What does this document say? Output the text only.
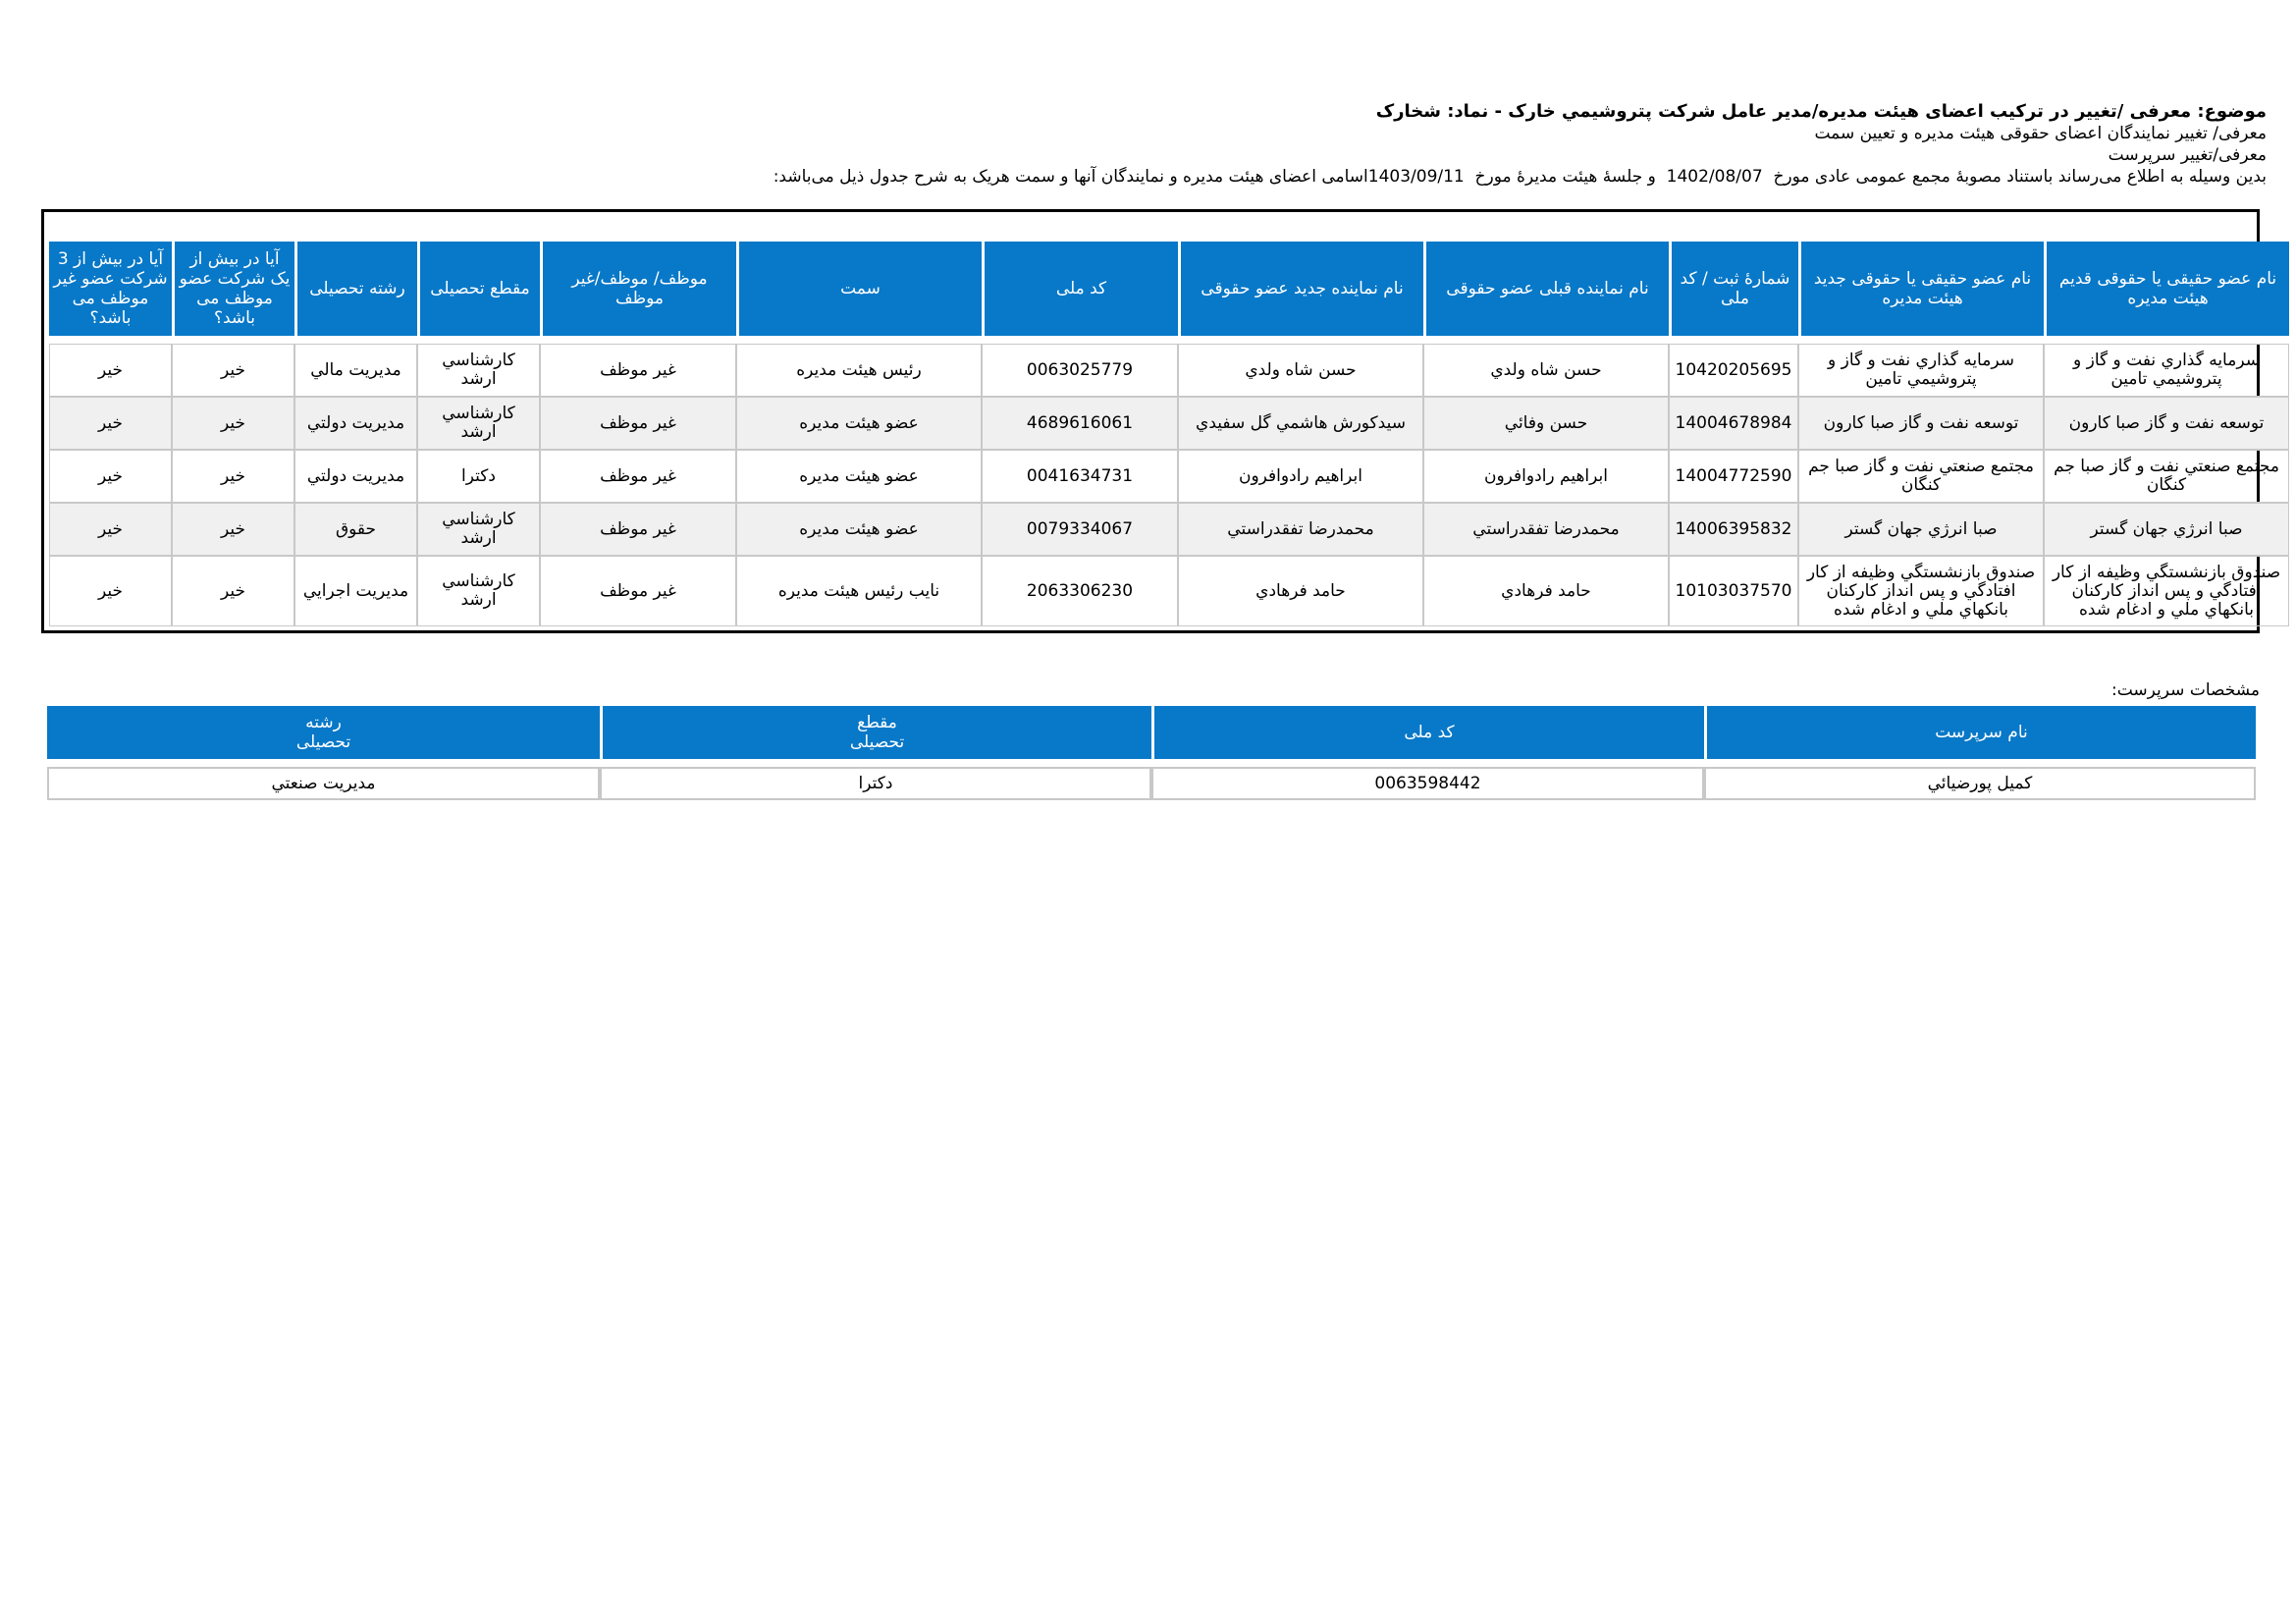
موضوع: معرفی /تغییر در ترکیب اعضای هیئت مدیره/مدیر عامل شرکت پتروشيمي خارک - نماد: شخارک
معرفی/ تغییر نمایندگان اعضای حقوقی هیئت مدیره و تعیین سمت
معرفی/تغییر سرپرست
بدین وسیله به اطلاع می‌رساند باستناد مصوبۀ مجمع عمومی عادی مورخ  1402/08/07  و جلسۀ هیئت مدیرۀ مورخ  1403/09/11اسامی اعضای هیئت مدیره و نمایندگان آنها و سمت هریک به شرح جدول ذیل می‌باشد:
نام عضو حقیقی یا حقوقی قدیم هیئت مدیره	نام عضو حقیقی یا حقوقی جدید هیئت مدیره	شمارۀ ثبت / کد ملی	نام نماینده قبلی عضو حقوقی	نام نماینده جدید عضو حقوقی	کد ملی	سمت	موظف/ موظف/غیر موظف	مقطع تحصیلی	رشته تحصیلی	آیا در بیش از یک شرکت عضو موظف می باشد؟	آیا در بیش از 3 شرکت عضو غیر موظف می باشد؟

سرمايه گذاري نفت و گاز و پتروشيمي تامين	سرمايه گذاري نفت و گاز و پتروشيمي تامين	10420205695	حسن شاه ولدي	حسن شاه ولدي	0063025779	رئيس هيئت مديره	غير موظف	كارشناسي ارشد	مديريت مالي	خير	خير
توسعه نفت و گاز صبا كارون	توسعه نفت و گاز صبا كارون	14004678984	حسن وفائي	سيدكورش هاشمي گل سفيدي	4689616061	عضو هيئت مديره	غير موظف	كارشناسي ارشد	مديريت دولتي	خير	خير
مجتمع صنعتي نفت و گاز صبا جم كنگان	مجتمع صنعتي نفت و گاز صبا جم كنگان	14004772590	ابراهيم رادوافرون	ابراهيم رادوافرون	0041634731	عضو هيئت مديره	غير موظف	دكترا	مديريت دولتي	خير	خير
صبا انرژي جهان گستر	صبا انرژي جهان گستر	14006395832	محمدرضا تفقدراستي	محمدرضا تفقدراستي	0079334067	عضو هيئت مديره	غير موظف	كارشناسي ارشد	حقوق	خير	خير
صندوق بازنشستگي وظيفه از كار افتادگي و پس انداز كاركنان بانكهاي ملي و ادغام شده	صندوق بازنشستگي وظيفه از كار افتادگي و پس انداز كاركنان بانكهاي ملي و ادغام شده	10103037570	حامد فرهادي	حامد فرهادي	2063306230	نايب رئيس هيئت مديره	غير موظف	كارشناسي ارشد	مديريت اجرايي	خير	خير
مشخصات سرپرست:
نام سرپرست	کد ملی	مقطع تحصیلی	رشته تحصیلی

كميل پورضيائي	0063598442	دكترا	مديريت صنعتي
